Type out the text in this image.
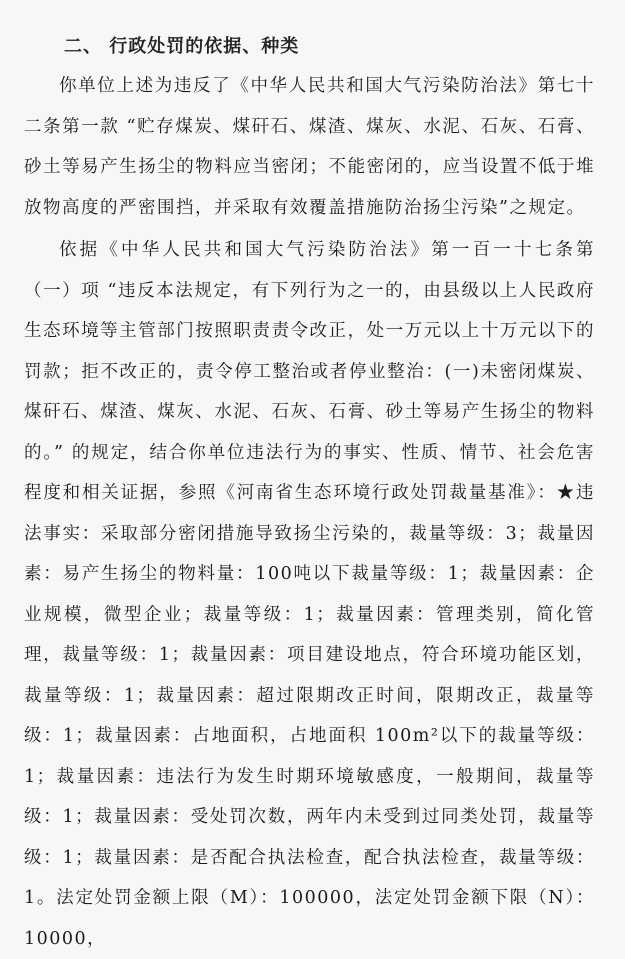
二、 行政处罚的依据、种类

你单位上述为违反了《中华人民共和国大气污染防治法》第七十二条第一款 “贮存煤炭、煤矸石、煤渣、煤灰、水泥、石灰、石膏、砂土等易产生扬尘的物料应当密闭；不能密闭的，应当设置不低于堆放物高度的严密围挡，并采取有效覆盖措施防治扬尘污染”之规定。

依据《中华人民共和国大气污染防治法》第一百一十七条第（一）项 “违反本法规定，有下列行为之一的，由县级以上人民政府生态环境等主管部门按照职责责令改正，处一万元以上十万元以下的罚款；拒不改正的，责令停工整治或者停业整治：(一)未密闭煤炭、煤矸石、煤渣、煤灰、水泥、石灰、石膏、砂土等易产生扬尘的物料的。” 的规定，结合你单位违法行为的事实、性质、情节、社会危害程度和相关证据，参照《河南省生态环境行政处罚裁量基准》：★违法事实：采取部分密闭措施导致扬尘污染的，裁量等级：3；裁量因素：易产生扬尘的物料量：100吨以下裁量等级：1；裁量因素：企业规模，微型企业；裁量等级：1；裁量因素：管理类别，简化管理，裁量等级：1；裁量因素：项目建设地点，符合环境功能区划，裁量等级：1；裁量因素：超过限期改正时间，限期改正，裁量等级：1；裁量因素：占地面积，占地面积 100m²以下的裁量等级：1；裁量因素：违法行为发生时期环境敏感度，一般期间，裁量等级：1；裁量因素：受处罚次数，两年内未受到过同类处罚，裁量等级：1；裁量因素：是否配合执法检查，配合执法检查，裁量等级：1。法定处罚金额上限（M）：100000，法定处罚金额下限（N）：10000，
